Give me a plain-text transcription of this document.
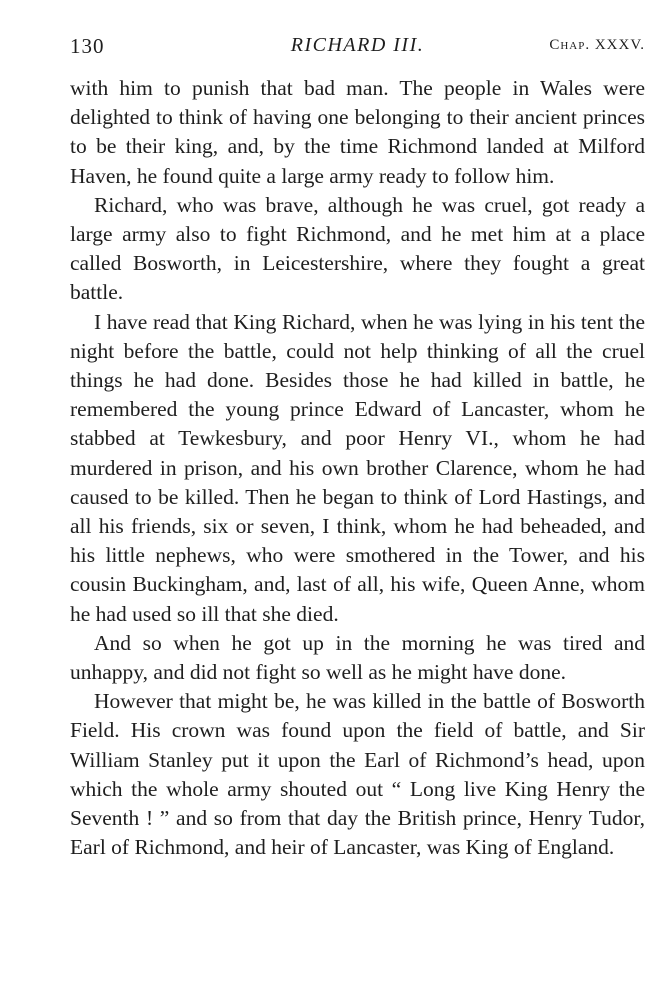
130	RICHARD III.	Chap. XXXV.

with him to punish that bad man. The people in Wales were delighted to think of having one belonging to their ancient princes to be their king, and, by the time Richmond landed at Milford Haven, he found quite a large army ready to follow him.

Richard, who was brave, although he was cruel, got ready a large army also to fight Richmond, and he met him at a place called Bosworth, in Leicestershire, where they fought a great battle.

I have read that King Richard, when he was lying in his tent the night before the battle, could not help thinking of all the cruel things he had done. Besides those he had killed in battle, he remembered the young prince Edward of Lancaster, whom he stabbed at Tewkesbury, and poor Henry VI., whom he had murdered in prison, and his own brother Clarence, whom he had caused to be killed. Then he began to think of Lord Hastings, and all his friends, six or seven, I think, whom he had beheaded, and his little nephews, who were smothered in the Tower, and his cousin Buckingham, and, last of all, his wife, Queen Anne, whom he had used so ill that she died.

And so when he got up in the morning he was tired and unhappy, and did not fight so well as he might have done.

However that might be, he was killed in the battle of Bosworth Field. His crown was found upon the field of battle, and Sir William Stanley put it upon the Earl of Richmond’s head, upon which the whole army shouted out “ Long live King Henry the Seventh ! ” and so from that day the British prince, Henry Tudor, Earl of Richmond, and heir of Lancaster, was King of England.
